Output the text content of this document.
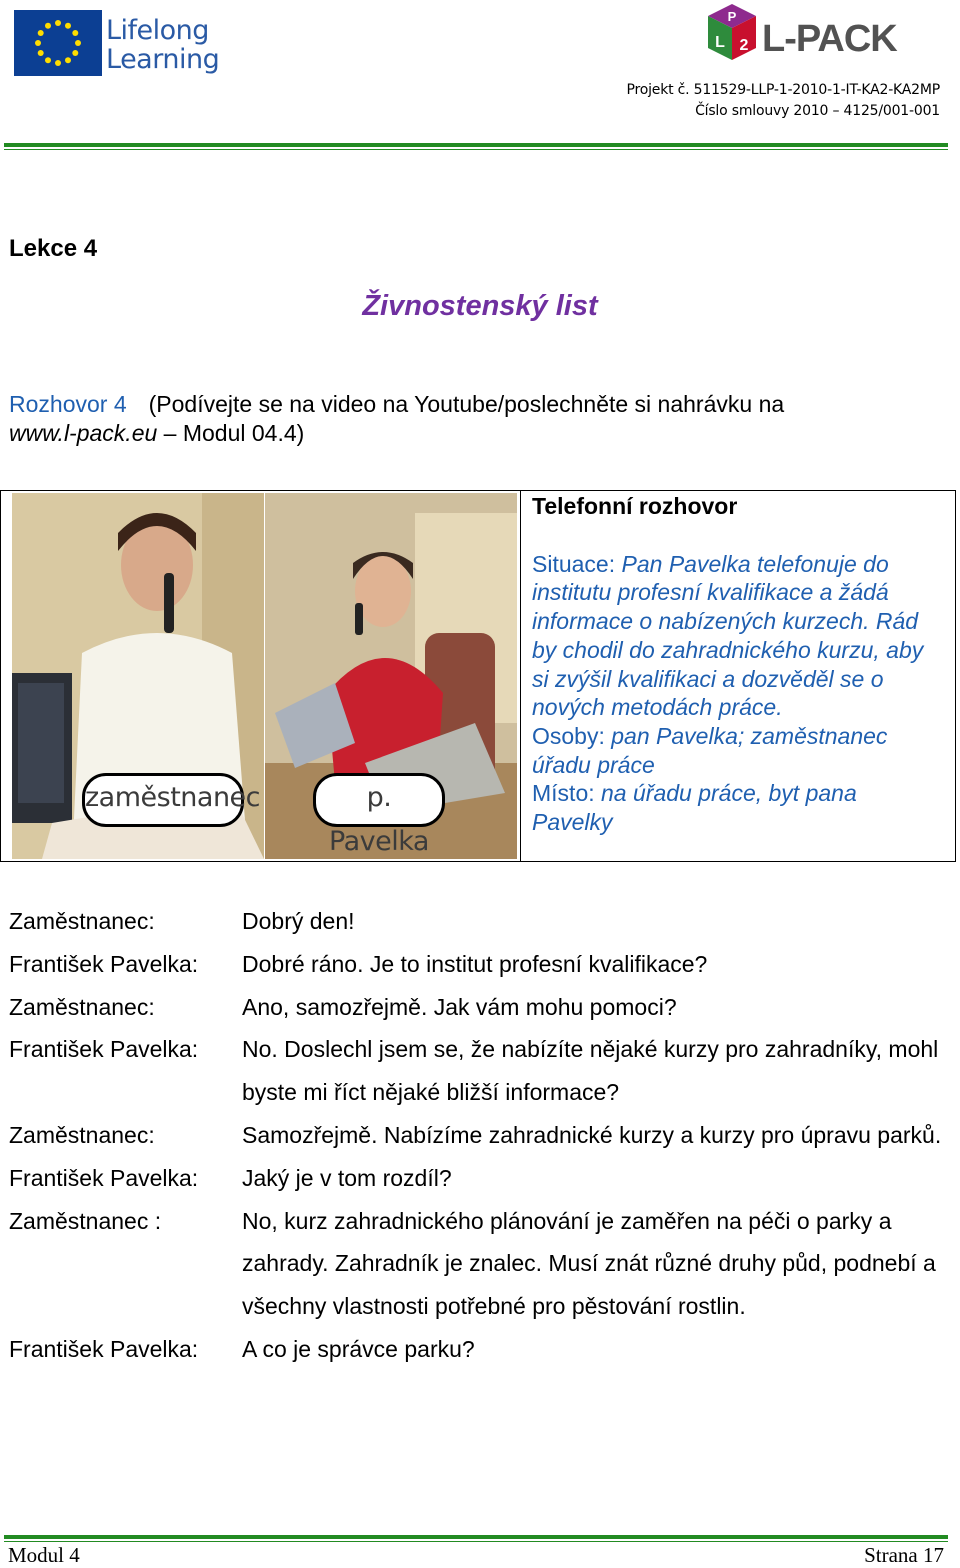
Lifelong
Learning
P
L 2 L-PACK
Projekt č. 511529-LLP-1-2010-1-IT-KA2-KA2MP
Číslo smlouvy 2010 – 4125/001-001
Lekce 4
Živnostenský list
Rozhovor 4 (Podívejte se na video na Youtube/poslechněte si nahrávku na
www.l-pack.eu – Modul 04.4)
zaměstnanec	p. Pavelka
Telefonní rozhovor
Situace: Pan Pavelka telefonuje do institutu profesní kvalifikace a žádá informace o nabízených kurzech. Rád by chodil do zahradnického kurzu, aby si zvýšil kvalifikaci a dozvěděl se o nových metodách práce.
Osoby: pan Pavelka; zaměstnanec úřadu práce
Místo: na úřadu práce, byt pana Pavelky
Zaměstnanec:	Dobrý den!
František Pavelka:	Dobré ráno. Je to institut profesní kvalifikace?
Zaměstnanec:	Ano, samozřejmě. Jak vám mohu pomoci?
František Pavelka:	No. Doslechl jsem se, že nabízíte nějaké kurzy pro zahradníky, mohl byste mi říct nějaké bližší informace?
Zaměstnanec:	Samozřejmě. Nabízíme zahradnické kurzy a kurzy pro úpravu parků.
František Pavelka:	Jaký je v tom rozdíl?
Zaměstnanec :	No, kurz zahradnického plánování je zaměřen na péči o parky a zahrady. Zahradník je znalec. Musí znát různé druhy půd, podnebí a všechny vlastnosti potřebné pro pěstování rostlin.
František Pavelka:	A co je správce parku?
Modul 4	Strana 17
